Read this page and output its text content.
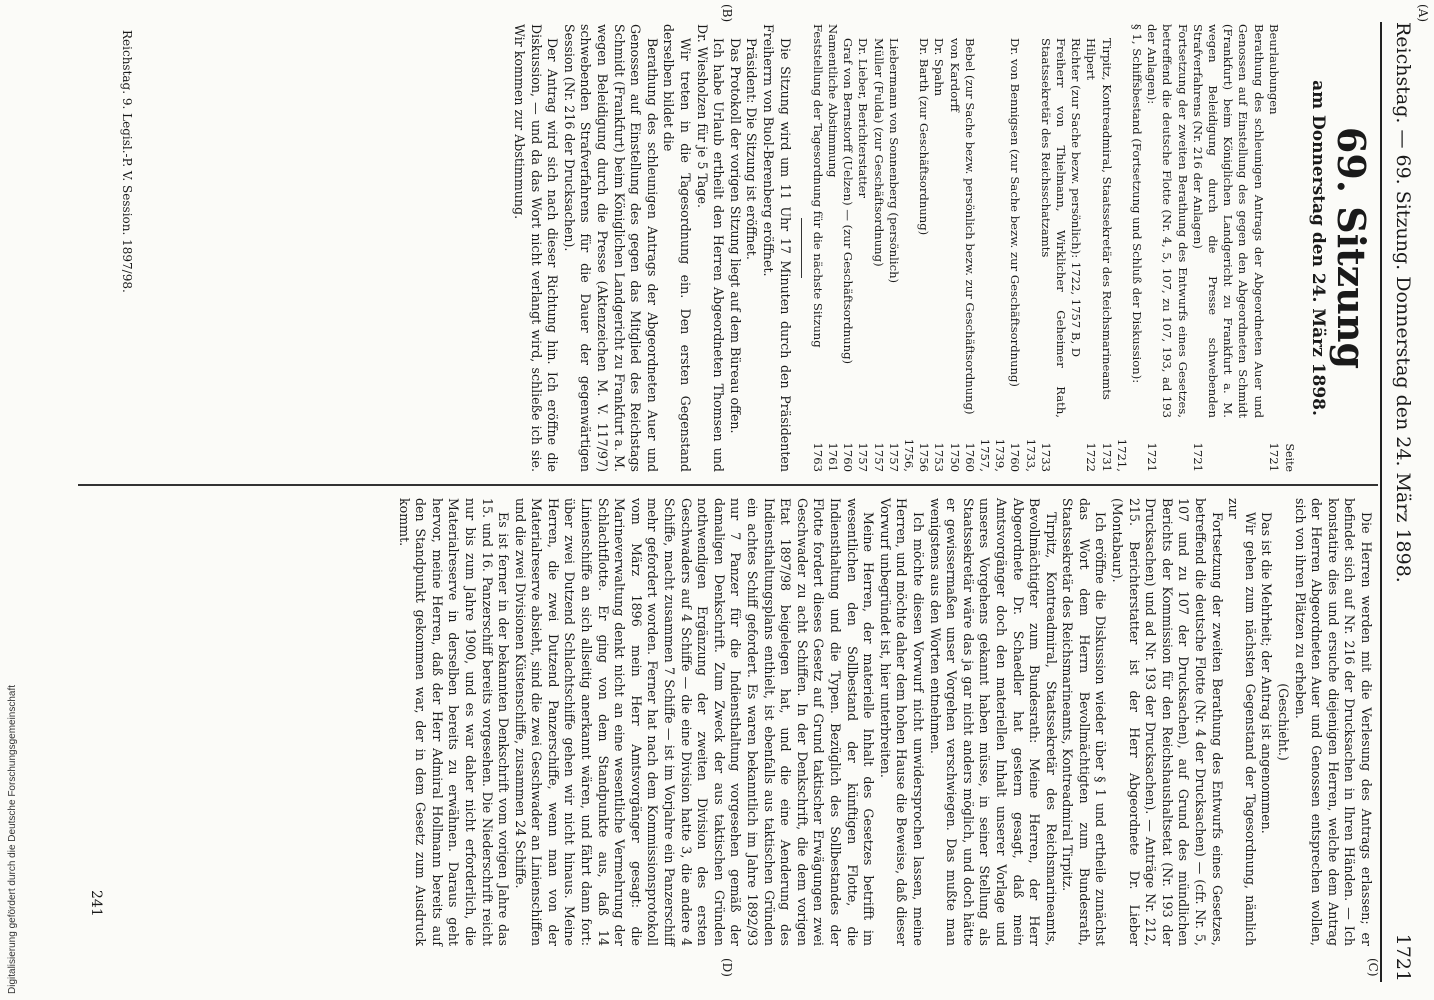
Reichstag. — 69. Sitzung. Donnerstag den 24. März 1898.
1721
(A)
(B)
(C)
(D)
69. Sitzung
am Donnerstag den 24. März 1898.
Seite
Beurlaubungen
1721
Berathung des schleunigen Antrags der Abgeordneten Auer und Genossen auf Einstellung des gegen den Abgeordneten Schmidt (Frankfurt) beim Königlichen Landgericht zu Frankfurt a. M. wegen Beleidigung durch die Presse schwebenden Strafverfahrens (Nr. 216 der Anlagen)
1721
Fortsetzung der zweiten Berathung des Entwurfs eines Gesetzes, betreffend die deutsche Flotte (Nr. 4, 5, 107, zu 107, 193, ad 193 der Anlagen):
1721
§ 1, Schiffsbestand (Fortsetzung und Schluß der Diskussion):
Tirpitz, Kontreadmiral, Staatssekretär des Reichsmarineamts
1721, 1731
Hilpert
1722
Richter (zur Sache bezw. persönlich): 1722, 1757 B, D
Freiherr von Thielmann, Wirklicher Geheimer Rath, Staatssekretär des Reichsschatzamts
1733
Dr. von Bennigsen (zur Sache bezw. zur Geschäftsordnung)
1733, 1760
Bebel (zur Sache bezw. persönlich bezw. zur Geschäftsordnung)
1739, 1757, 1760
von Kardorff
1750
Dr. Spahn
1753
Dr. Barth (zur Geschäftsordnung)
1756
Liebermann von Sonnenberg (persönlich)
1756, 1757
Müller (Fulda) (zur Geschäftsordnung)
1757
Dr. Lieber, Berichterstatter
1757
Graf von Bernstorff (Uelzen) — (zur Geschäftsordnung)
1760
Namentliche Abstimmung
1761
Feststellung der Tagesordnung für die nächste Sitzung
1763

Die Sitzung wird um 11 Uhr 17 Minuten durch den Präsidenten Freiherrn von Buol-Berenberg eröffnet.

Präsident: Die Sitzung ist eröffnet.

Das Protokoll der vorigen Sitzung liegt auf dem Büreau offen.

Ich habe Urlaub ertheilt den Herren Abgeordneten Thomsen und Dr. Wiesholzen für je 5 Tage.

Wir treten in die Tagesordnung ein. Den ersten Gegenstand derselben bildet die

Berathung des schleunigen Antrags der Abgeordneten Auer und Genossen auf Einstellung des gegen das Mitglied des Reichstags Schmidt (Frankfurt) beim Königlichen Landgericht zu Frankfurt a. M. wegen Beleidigung durch die Presse (Aktenzeichen M. V. 117/97) schwebenden Strafverfahrens für die Dauer der gegenwärtigen Session (Nr. 216 der Drucksachen).

Der Antrag wird sich nach dieser Richtung hin. Ich eröffne die Diskussion, — und da das Wort nicht verlangt wird, schließe ich sie. Wir kommen zur Abstimmung.

Die Herren werden mit die Verlesung des Antrags erlassen; er befindet sich auf Nr. 216 der Drucksachen in Ihren Händen. — Ich konstatire dies und ersuche diejenigen Herren, welche dem Antrag der Herren Abgeordneten Auer und Genossen entsprechen wollen, sich von ihren Plätzen zu erheben.

(Geschieht.)

Das ist die Mehrheit; der Antrag ist angenommen.

Wir gehen zum nächsten Gegenstand der Tagesordnung, nämlich zur

Fortsetzung der zweiten Berathung des Entwurfs eines Gesetzes, betreffend die deutsche Flotte (Nr. 4 der Drucksachen) — (cfr. Nr. 5, 107 und zu 107 der Drucksachen), auf Grund des mündlichen Berichts der Kommission für den Reichshaushaltsetat (Nr. 193 der Drucksachen) und ad Nr. 193 der Drucksachen). — Anträge Nr. 212, 215. Berichterstatter ist der Herr Abgeordnete Dr. Lieber (Montabaur).

Ich eröffne die Diskussion wieder über § 1 und ertheile zunächst das Wort dem Herrn Bevollmächtigten zum Bundesrath, Staatssekretär des Reichsmarineamts, Kontreadmiral Tirpitz.

Tirpitz, Kontreadmiral, Staatssekretär des Reichsmarineamts, Bevollmächtigter zum Bundesrath: Meine Herren, der Herr Abgeordnete Dr. Schaedler hat gestern gesagt, daß mein Amtsvorgänger doch den materiellen Inhalt unserer Vorlage und unseres Vorgehens gekannt haben müsse, in seiner Stellung als Staatssekretär wäre das ja gar nicht anders möglich, und doch hätte er gewissermaßen unser Vorgehen verschwiegen. Das mußte man wenigstens aus den Worten entnehmen.

Ich möchte diesen Vorwurf nicht unwidersprochen lassen, meine Herren, und möchte daher dem hohen Hause die Beweise, daß dieser Vorwurf unbegründet ist, hier unterbreiten.

Meine Herren, der materielle Inhalt des Gesetzes betrifft im wesentlichen den Sollbestand der künftigen Flotte, die Indiensthaltung und die Typen. Bezüglich des Sollbestandes der Flotte fordert dieses Gesetz auf Grund taktischer Erwägungen zwei Geschwader zu acht Schiffen. In der Denkschrift, die dem vorigen Etat 1897/98 beigelegen hat, und die eine Aenderung des Indiensthaltungsplans enthielt, ist ebenfalls aus taktischen Gründen ein achtes Schiff gefordert. Es waren bekanntlich im Jahre 1892/93 nur 7 Panzer für die Indiensthaltung vorgesehen gemäß der damaligen Denkschrift. Zum Zweck der aus taktischen Gründen nothwendigen Ergänzung der zweiten Division des ersten Geschwaders auf 4 Schiffe — die eine Division hatte 3, die andere 4 Schiffe, macht zusammen 7 Schiffe — ist im Vorjahre ein Panzerschiff mehr gefordert worden. Ferner hat nach dem Kommissionsprotokoll vom März 1896 mein Herr Amtsvorgänger gesagt: die Marineverwaltung denkt nicht an eine wesentliche Vermehrung der Schlachtflotte. Er ging von dem Standpunkte aus, daß 14 Linienschiffe an sich allseitig anerkannt wären, und fährt dann fort: über zwei Dutzend Schlachtschiffe gehen wir nicht hinaus. Meine Herren, die zwei Dutzend Panzerschiffe, wenn man von der Materialreserve absieht, sind die zwei Geschwader an Linienschiffen und die zwei Divisionen Küstenschiffe, zusammen 24 Schiffe.

Es ist ferner in der bekannten Denkschrift vom vorigen Jahre das 15. und 16. Panzerschiff bereits vorgesehen. Die Niederschrift reicht nur bis zum Jahre 1900, und es war daher nicht erforderlich, die Materialreserve in derselben bereits zu erwähnen. Daraus geht hervor, meine Herren, daß der Herr Admiral Hollmann bereits auf den Standpunkt gekommen war, der in dem Gesetz zum Ausdruck kommt.

Reichstag. 9. Legisl.-P. V. Session. 1897/98.
241
Digitalisierung gefördert durch die Deutsche Forschungsgemeinschaft
